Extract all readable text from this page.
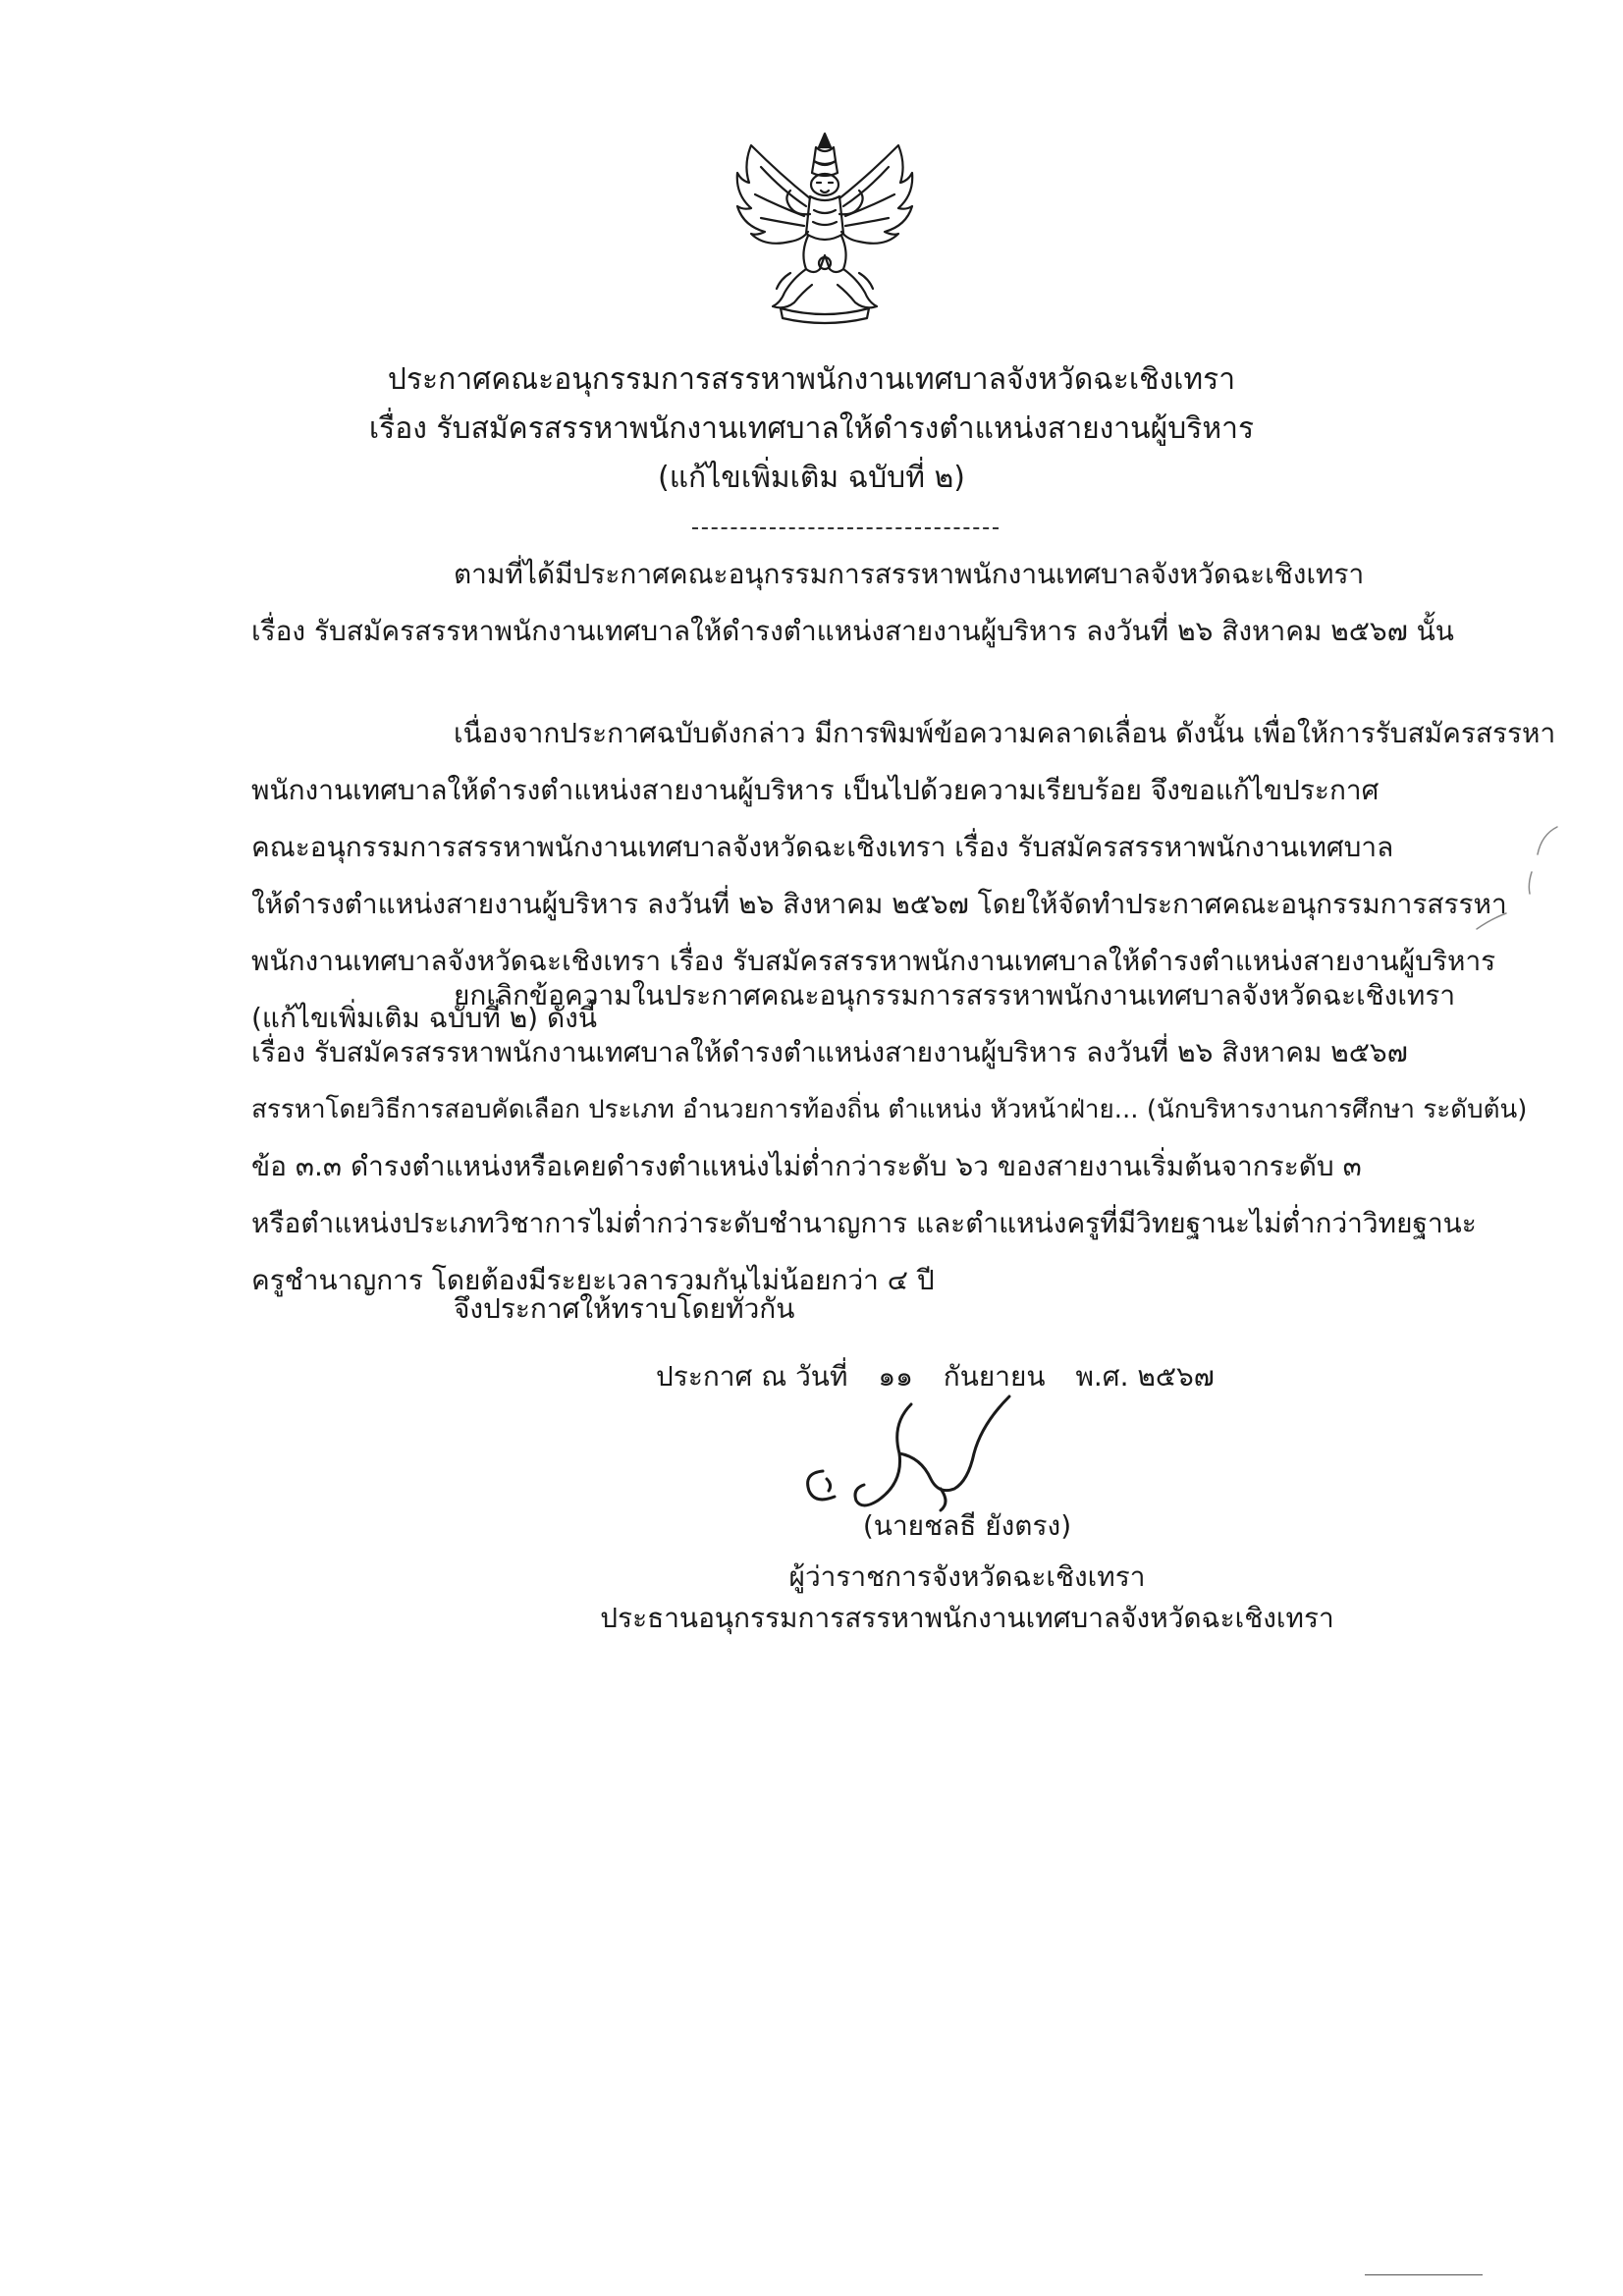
ประกาศคณะอนุกรรมการสรรหาพนักงานเทศบาลจังหวัดฉะเชิงเทรา
เรื่อง รับสมัครสรรหาพนักงานเทศบาลให้ดำรงตำแหน่งสายงานผู้บริหาร
(แก้ไขเพิ่มเติม ฉบับที่ ๒)
ตามที่ได้มีประกาศคณะอนุกรรมการสรรหาพนักงานเทศบาลจังหวัดฉะเชิงเทรา
เรื่อง รับสมัครสรรหาพนักงานเทศบาลให้ดำรงตำแหน่งสายงานผู้บริหาร ลงวันที่ ๒๖ สิงหาคม ๒๕๖๗ นั้น
เนื่องจากประกาศฉบับดังกล่าว มีการพิมพ์ข้อความคลาดเลื่อน ดังนั้น เพื่อให้การรับสมัครสรรหา
พนักงานเทศบาลให้ดำรงตำแหน่งสายงานผู้บริหาร เป็นไปด้วยความเรียบร้อย จึงขอแก้ไขประกาศ
คณะอนุกรรมการสรรหาพนักงานเทศบาลจังหวัดฉะเชิงเทรา เรื่อง รับสมัครสรรหาพนักงานเทศบาล
ให้ดำรงตำแหน่งสายงานผู้บริหาร ลงวันที่ ๒๖ สิงหาคม ๒๕๖๗ โดยให้จัดทำประกาศคณะอนุกรรมการสรรหา
พนักงานเทศบาลจังหวัดฉะเชิงเทรา เรื่อง รับสมัครสรรหาพนักงานเทศบาลให้ดำรงตำแหน่งสายงานผู้บริหาร
(แก้ไขเพิ่มเติม ฉบับที่ ๒) ดังนี้
ยกเลิกข้อความในประกาศคณะอนุกรรมการสรรหาพนักงานเทศบาลจังหวัดฉะเชิงเทรา
เรื่อง รับสมัครสรรหาพนักงานเทศบาลให้ดำรงตำแหน่งสายงานผู้บริหาร ลงวันที่ ๒๖ สิงหาคม ๒๕๖๗
สรรหาโดยวิธีการสอบคัดเลือก ประเภท อำนวยการท้องถิ่น ตำแหน่ง หัวหน้าฝ่าย... (นักบริหารงานการศึกษา ระดับต้น)
ข้อ ๓.๓ ดำรงตำแหน่งหรือเคยดำรงตำแหน่งไม่ต่ำกว่าระดับ ๖ว ของสายงานเริ่มต้นจากระดับ ๓
หรือตำแหน่งประเภทวิชาการไม่ต่ำกว่าระดับชำนาญการ และตำแหน่งครูที่มีวิทยฐานะไม่ต่ำกว่าวิทยฐานะ
ครูชำนาญการ โดยต้องมีระยะเวลารวมกันไม่น้อยกว่า ๔ ปี
จึงประกาศให้ทราบโดยทั่วกัน
ประกาศ ณ วันที่ ๑๑ กันยายน พ.ศ. ๒๕๖๗
(นายชลธี ยังตรง)
ผู้ว่าราชการจังหวัดฉะเชิงเทรา
ประธานอนุกรรมการสรรหาพนักงานเทศบาลจังหวัดฉะเชิงเทรา
